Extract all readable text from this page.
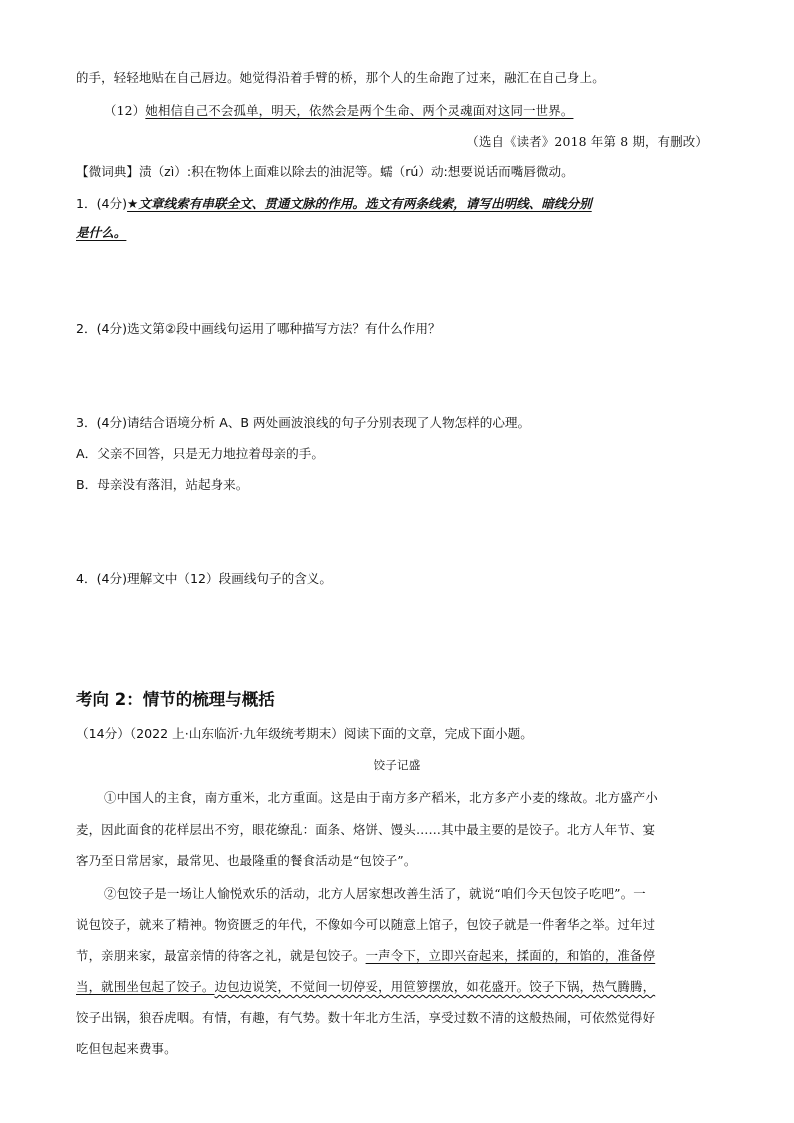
的手，轻轻地贴在自己唇边。她觉得沿着手臂的桥，那个人的生命跑了过来，融汇在自己身上。
（12）她相信自己不会孤单，明天，依然会是两个生命、两个灵魂面对这同一世界。
（选自《读者》2018 年第 8 期，有删改）
【微词典】渍（zì）:积在物体上面难以除去的油泥等。蠕（rú）动:想要说话而嘴唇微动。
1．(4分)★文章线索有串联全文、贯通文脉的作用。选文有两条线索，请写出明线、暗线分别
是什么。
2．(4分)选文第②段中画线句运用了哪种描写方法？有什么作用？
3．(4分)请结合语境分析 A、B 两处画波浪线的句子分别表现了人物怎样的心理。
A．父亲不回答，只是无力地拉着母亲的手。
B．母亲没有落泪，站起身来。
4．(4分)理解文中（12）段画线句子的含义。
考向 2：情节的梳理与概括
（14分）（2022 上·山东临沂·九年级统考期末）阅读下面的文章，完成下面小题。
饺子记盛
①中国人的主食，南方重米，北方重面。这是由于南方多产稻米，北方多产小麦的缘故。北方盛产小
麦，因此面食的花样层出不穷，眼花缭乱：面条、烙饼、馒头……其中最主要的是饺子。北方人年节、宴
客乃至日常居家，最常见、也最隆重的餐食活动是“包饺子”。
②包饺子是一场让人愉悦欢乐的活动，北方人居家想改善生活了，就说“咱们今天包饺子吃吧”。一
说包饺子，就来了精神。物资匮乏的年代，不像如今可以随意上馆子，包饺子就是一件奢华之举。过年过
节，亲朋来家，最富亲情的待客之礼，就是包饺子。一声令下，立即兴奋起来，揉面的，和馅的，准备停
当，就围坐包起了饺子。边包边说笑，不觉间一切停妥，用笸箩摆放，如花盛开。饺子下锅，热气腾腾，
饺子出锅，狼吞虎咽。有情，有趣，有气势。数十年北方生活，享受过数不清的这般热闹，可依然觉得好
吃但包起来费事。
